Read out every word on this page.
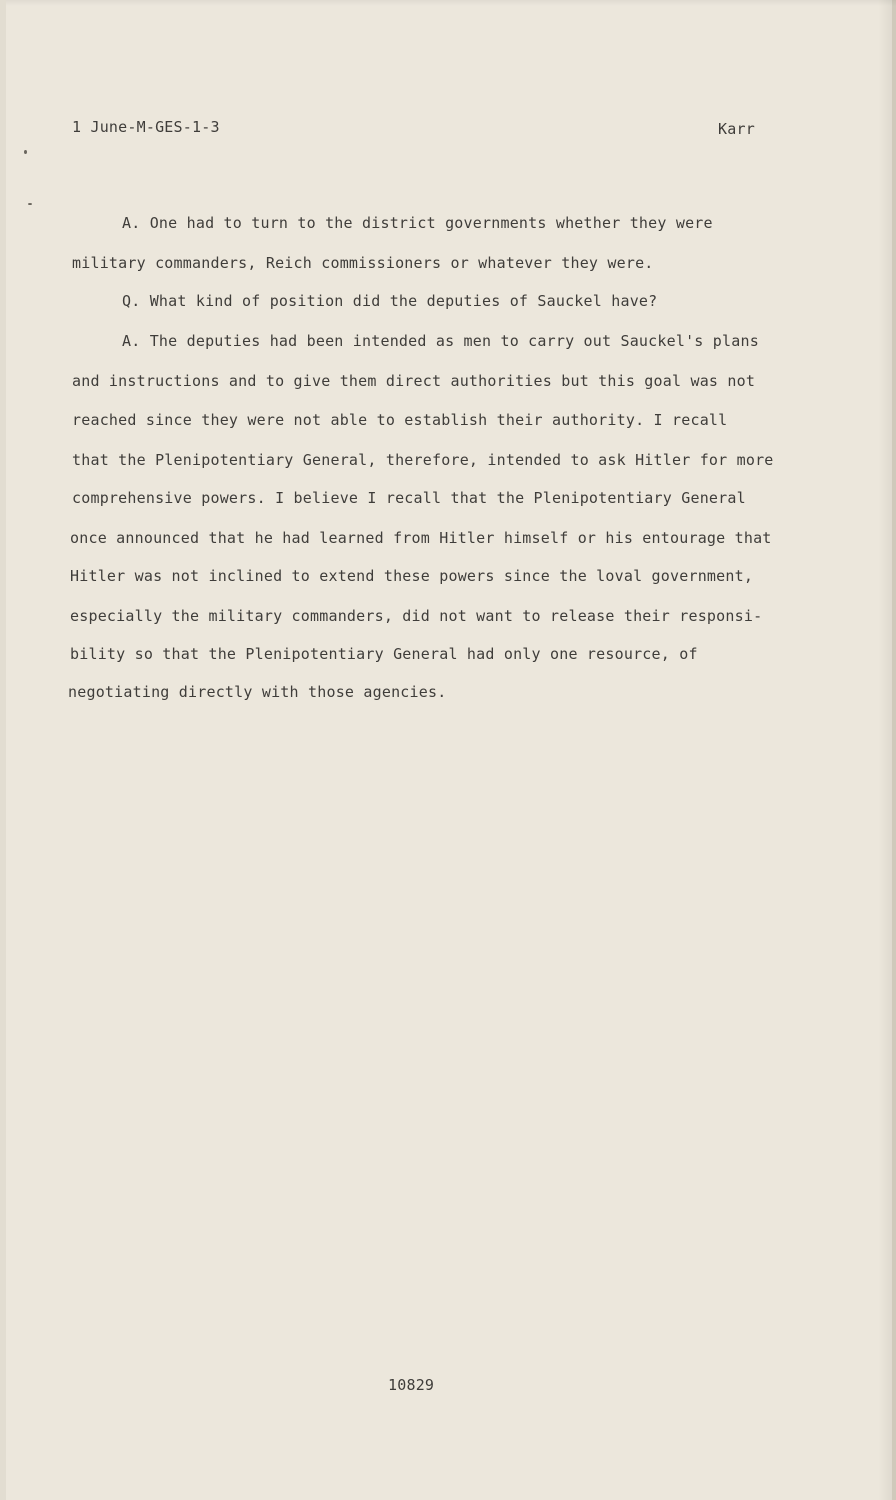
1 June-M-GES-1-3	Karr
A. One had to turn to the district governments whether they were
military commanders, Reich commissioners or whatever they were.
Q. What kind of position did the deputies of Sauckel have?
A. The deputies had been intended as men to carry out Sauckel's plans
and instructions and to give them direct authorities but this goal was not
reached since they were not able to establish their authority. I recall
that the Plenipotentiary General, therefore, intended to ask Hitler for more
comprehensive powers. I believe I recall that the Plenipotentiary General
once announced that he had learned from Hitler himself or his entourage that
Hitler was not inclined to extend these powers since the loval government,
especially the military commanders, did not want to release their responsi-
bility so that the Plenipotentiary General had only one resource, of
negotiating directly with those agencies.
10829
